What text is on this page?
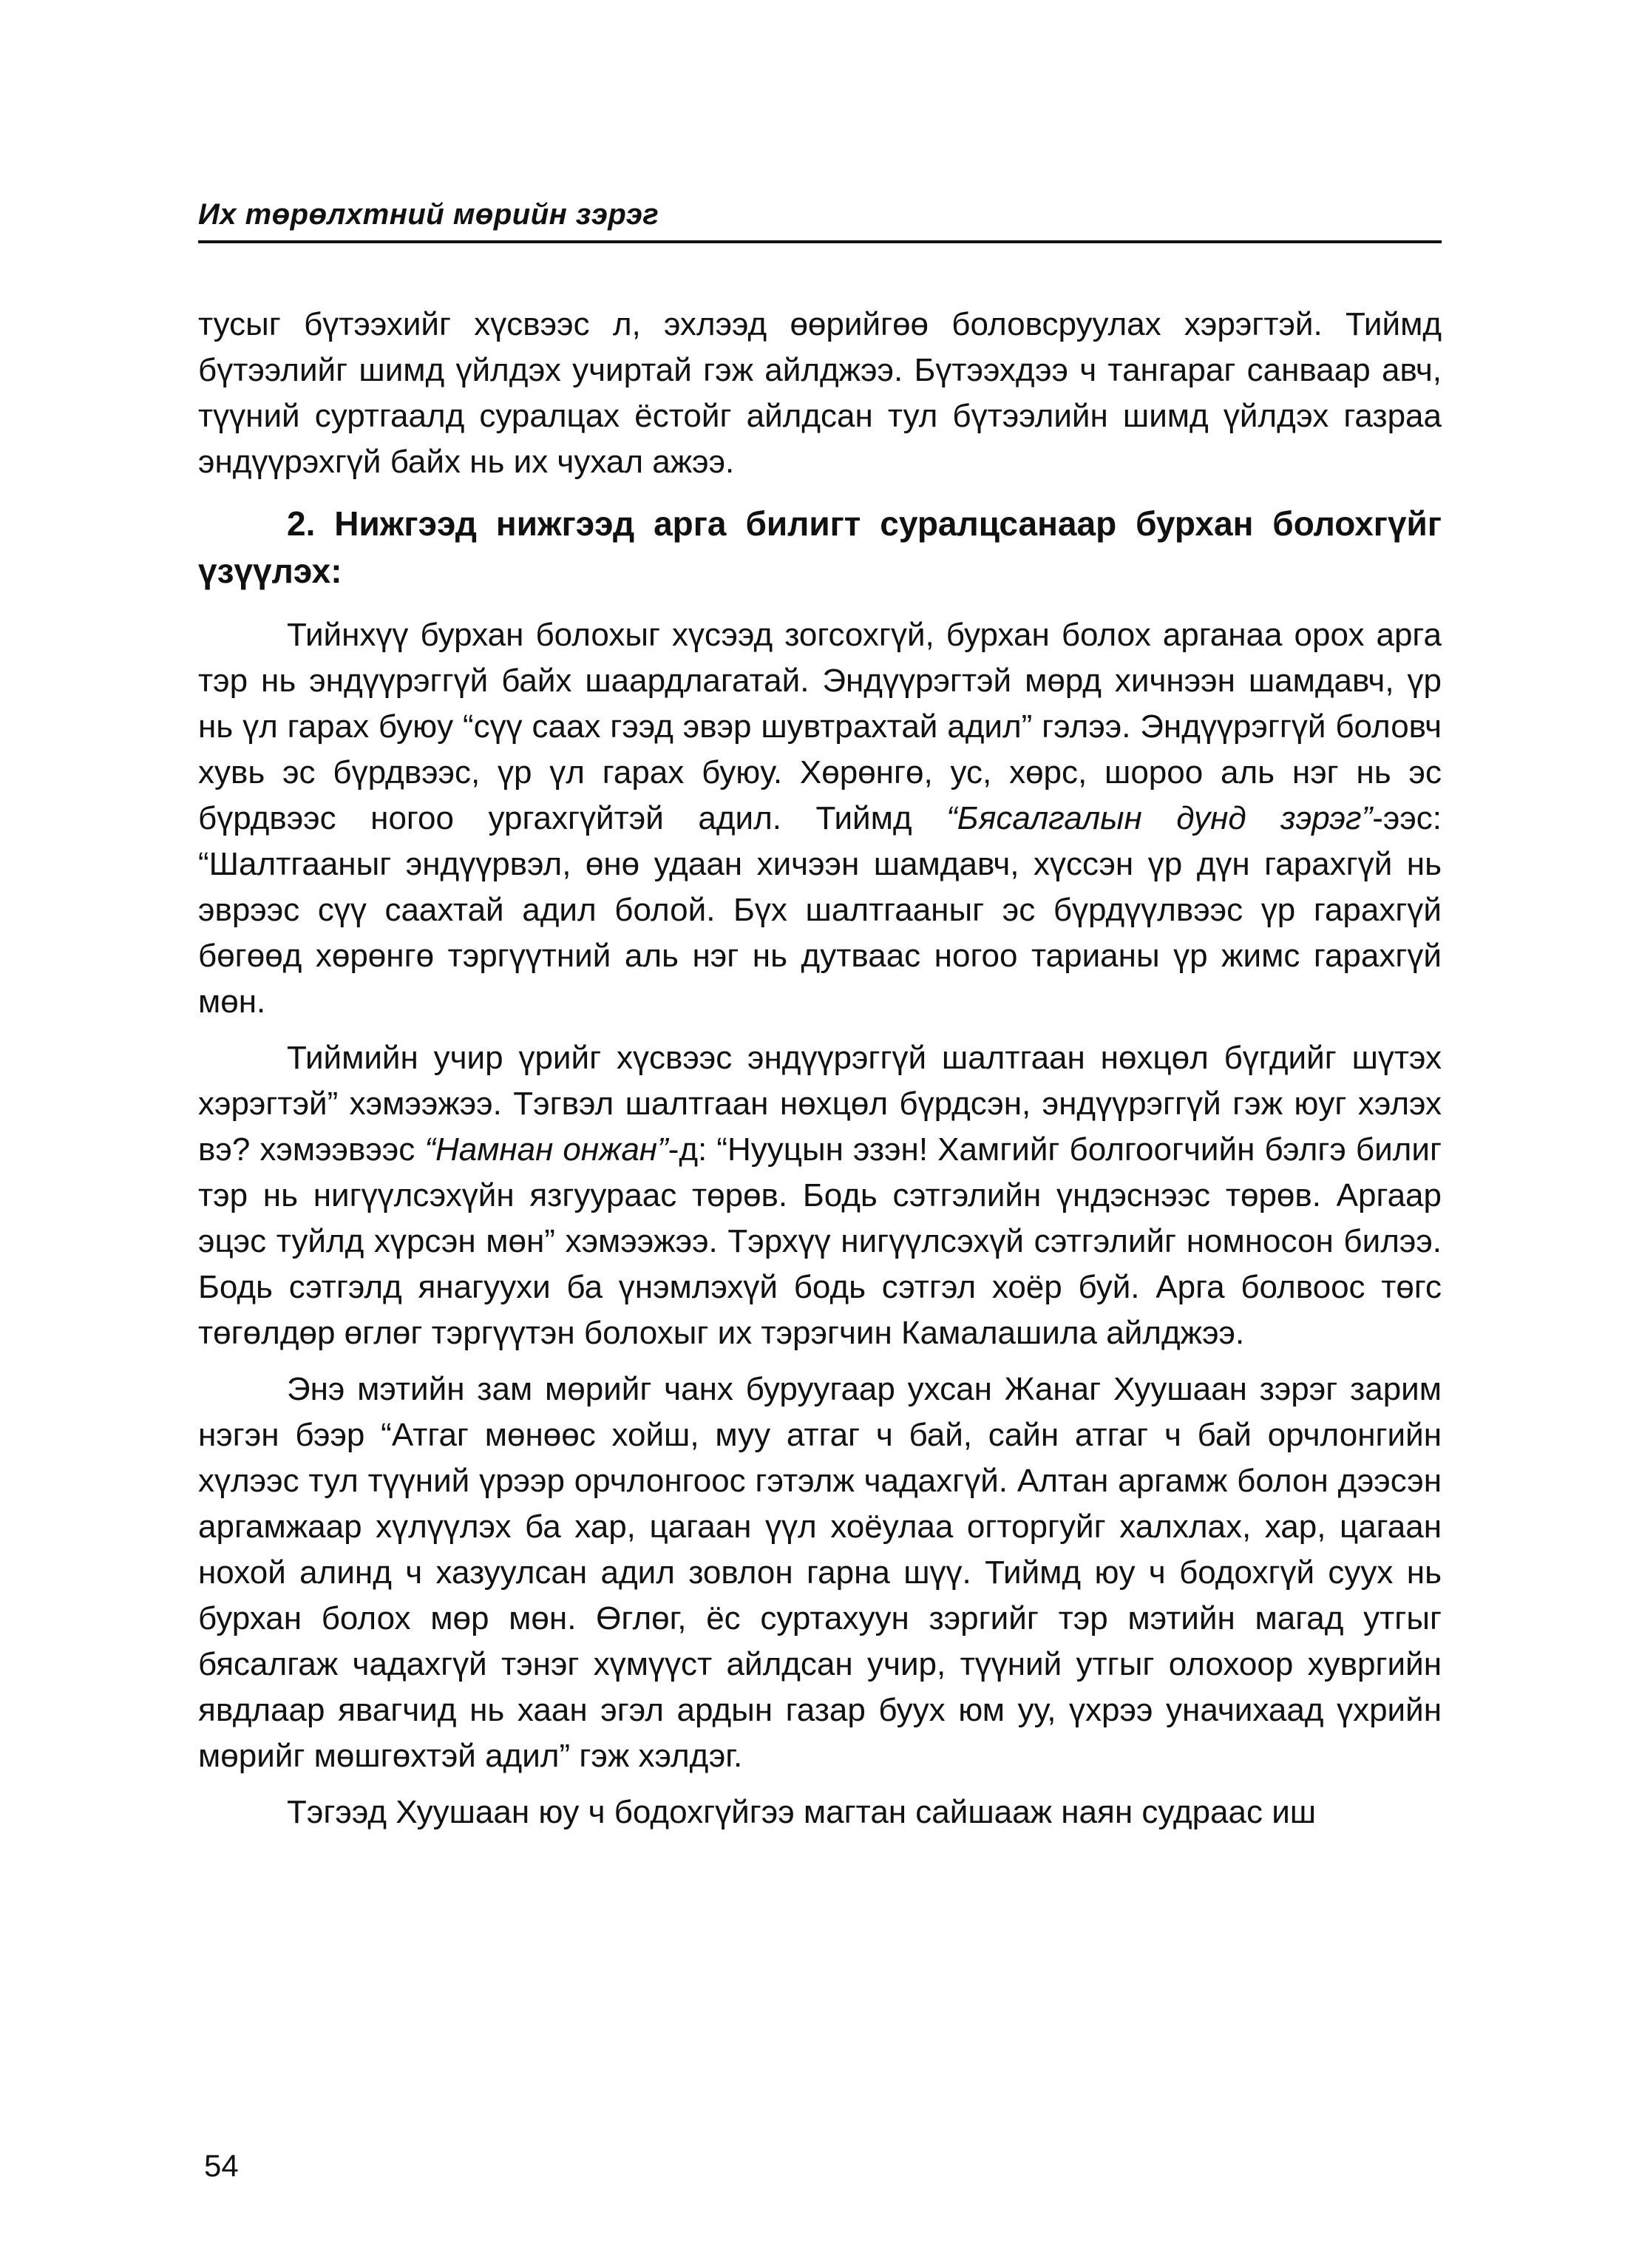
Их төрөлхтний мөрийн зэрэг

тусыг бүтээхийг хүсвээс л, эхлээд өөрийгөө боловсруулах хэрэгтэй. Тиймд бүтээлийг шимд үйлдэх учиртай гэж айлджээ. Бүтээхдээ ч тангараг санваар авч, түүний суртгаалд суралцах ёстойг айлдсан тул бүтээлийн шимд үйлдэх газраа эндүүрэхгүй байх нь их чухал ажээ.

2. Нижгээд нижгээд арга билигт суралцсанаар бурхан болохгүйг үзүүлэх:

Тийнхүү бурхан болохыг хүсээд зогсохгүй, бурхан болох арганаа орох арга тэр нь эндүүрэггүй байх шаардлагатай. Эндүүрэгтэй мөрд хичнээн шамдавч, үр нь үл гарах буюу “сүү саах гээд эвэр шувтрахтай адил” гэлээ. Эндүүрэггүй боловч хувь эс бүрдвээс, үр үл гарах буюу. Хөрөнгө, ус, хөрс, шороо аль нэг нь эс бүрдвээс ногоо ургахгүйтэй адил. Тиймд “Бясалгалын дунд зэрэг”-ээс: “Шалтгааныг эндүүрвэл, өнө удаан хичээн шамдавч, хүссэн үр дүн гарахгүй нь эврээс сүү саахтай адил болой. Бүх шалтгааныг эс бүрдүүлвээс үр гарахгүй бөгөөд хөрөнгө тэргүүтний аль нэг нь дутваас ногоо тарианы үр жимс гарахгүй мөн.

Тиймийн учир үрийг хүсвээс эндүүрэггүй шалтгаан нөхцөл бүгдийг шүтэх хэрэгтэй” хэмээжээ. Тэгвэл шалтгаан нөхцөл бүрдсэн, эндүүрэггүй гэж юуг хэлэх вэ? хэмээвээс “Намнан онжан”-д: “Нууцын эзэн! Хамгийг болгоогчийн бэлгэ билиг тэр нь нигүүлсэхүйн язгуураас төрөв. Бодь сэтгэлийн үндэснээс төрөв. Аргаар эцэс туйлд хүрсэн мөн” хэмээжээ. Тэрхүү нигүүлсэхүй сэтгэлийг номносон билээ. Бодь сэтгэлд янагуухи ба үнэмлэхүй бодь сэтгэл хоёр буй. Арга болвоос төгс төгөлдөр өглөг тэргүүтэн болохыг их тэрэгчин Камалашила айлджээ.

Энэ мэтийн зам мөрийг чанх буруугаар ухсан Жанаг Хуушаан зэрэг зарим нэгэн бээр “Атгаг мөнөөс хойш, муу атгаг ч бай, сайн атгаг ч бай орчлонгийн хүлээс тул түүний үрээр орчлонгоос гэтэлж чадахгүй. Алтан аргамж болон дээсэн аргамжаар хүлүүлэх ба хар, цагаан үүл хоёулаа огторгуйг халхлах, хар, цагаан нохой алинд ч хазуулсан адил зовлон гарна шүү. Тиймд юу ч бодохгүй суух нь бурхан болох мөр мөн. Өглөг, ёс суртахуун зэргийг тэр мэтийн магад утгыг бясалгаж чадахгүй тэнэг хүмүүст айлдсан учир, түүний утгыг олохоор хувргийн явдлаар явагчид нь хаан эгэл ардын газар буух юм уу, үхрээ уначихаад үхрийн мөрийг мөшгөхтэй адил” гэж хэлдэг.

Тэгээд Хуушаан юу ч бодохгүйгээ магтан сайшааж наян судраас иш

54
